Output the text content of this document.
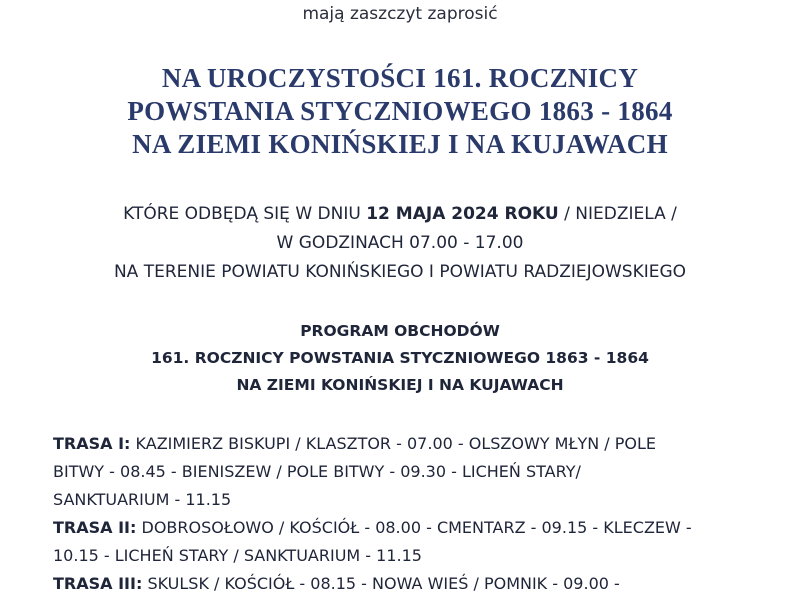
mają zaszczyt zaprosić
NA UROCZYSTOŚCI 161. ROCZNICY
POWSTANIA STYCZNIOWEGO 1863 - 1864
NA ZIEMI KONIŃSKIEJ I NA KUJAWACH
KTÓRE ODBĘDĄ SIĘ W DNIU 12 MAJA 2024 ROKU / NIEDZIELA /
W GODZINACH 07.00 - 17.00
NA TERENIE POWIATU KONIŃSKIEGO I POWIATU RADZIEJOWSKIEGO
PROGRAM OBCHODÓW
161. ROCZNICY POWSTANIA STYCZNIOWEGO 1863 - 1864
NA ZIEMI KONIŃSKIEJ I NA KUJAWACH
TRASA I: KAZIMIERZ BISKUPI / KLASZTOR - 07.00 - OLSZOWY MŁYN / POLE
BITWY - 08.45 - BIENISZEW / POLE BITWY - 09.30 - LICHEŃ STARY/
SANKTUARIUM - 11.15
TRASA II: DOBROSOŁOWO / KOŚCIÓŁ - 08.00 - CMENTARZ - 09.15 - KLECZEW -
10.15 - LICHEŃ STARY / SANKTUARIUM - 11.15
TRASA III: SKULSK / KOŚCIÓŁ - 08.15 - NOWA WIEŚ / POMNIK - 09.00 -
